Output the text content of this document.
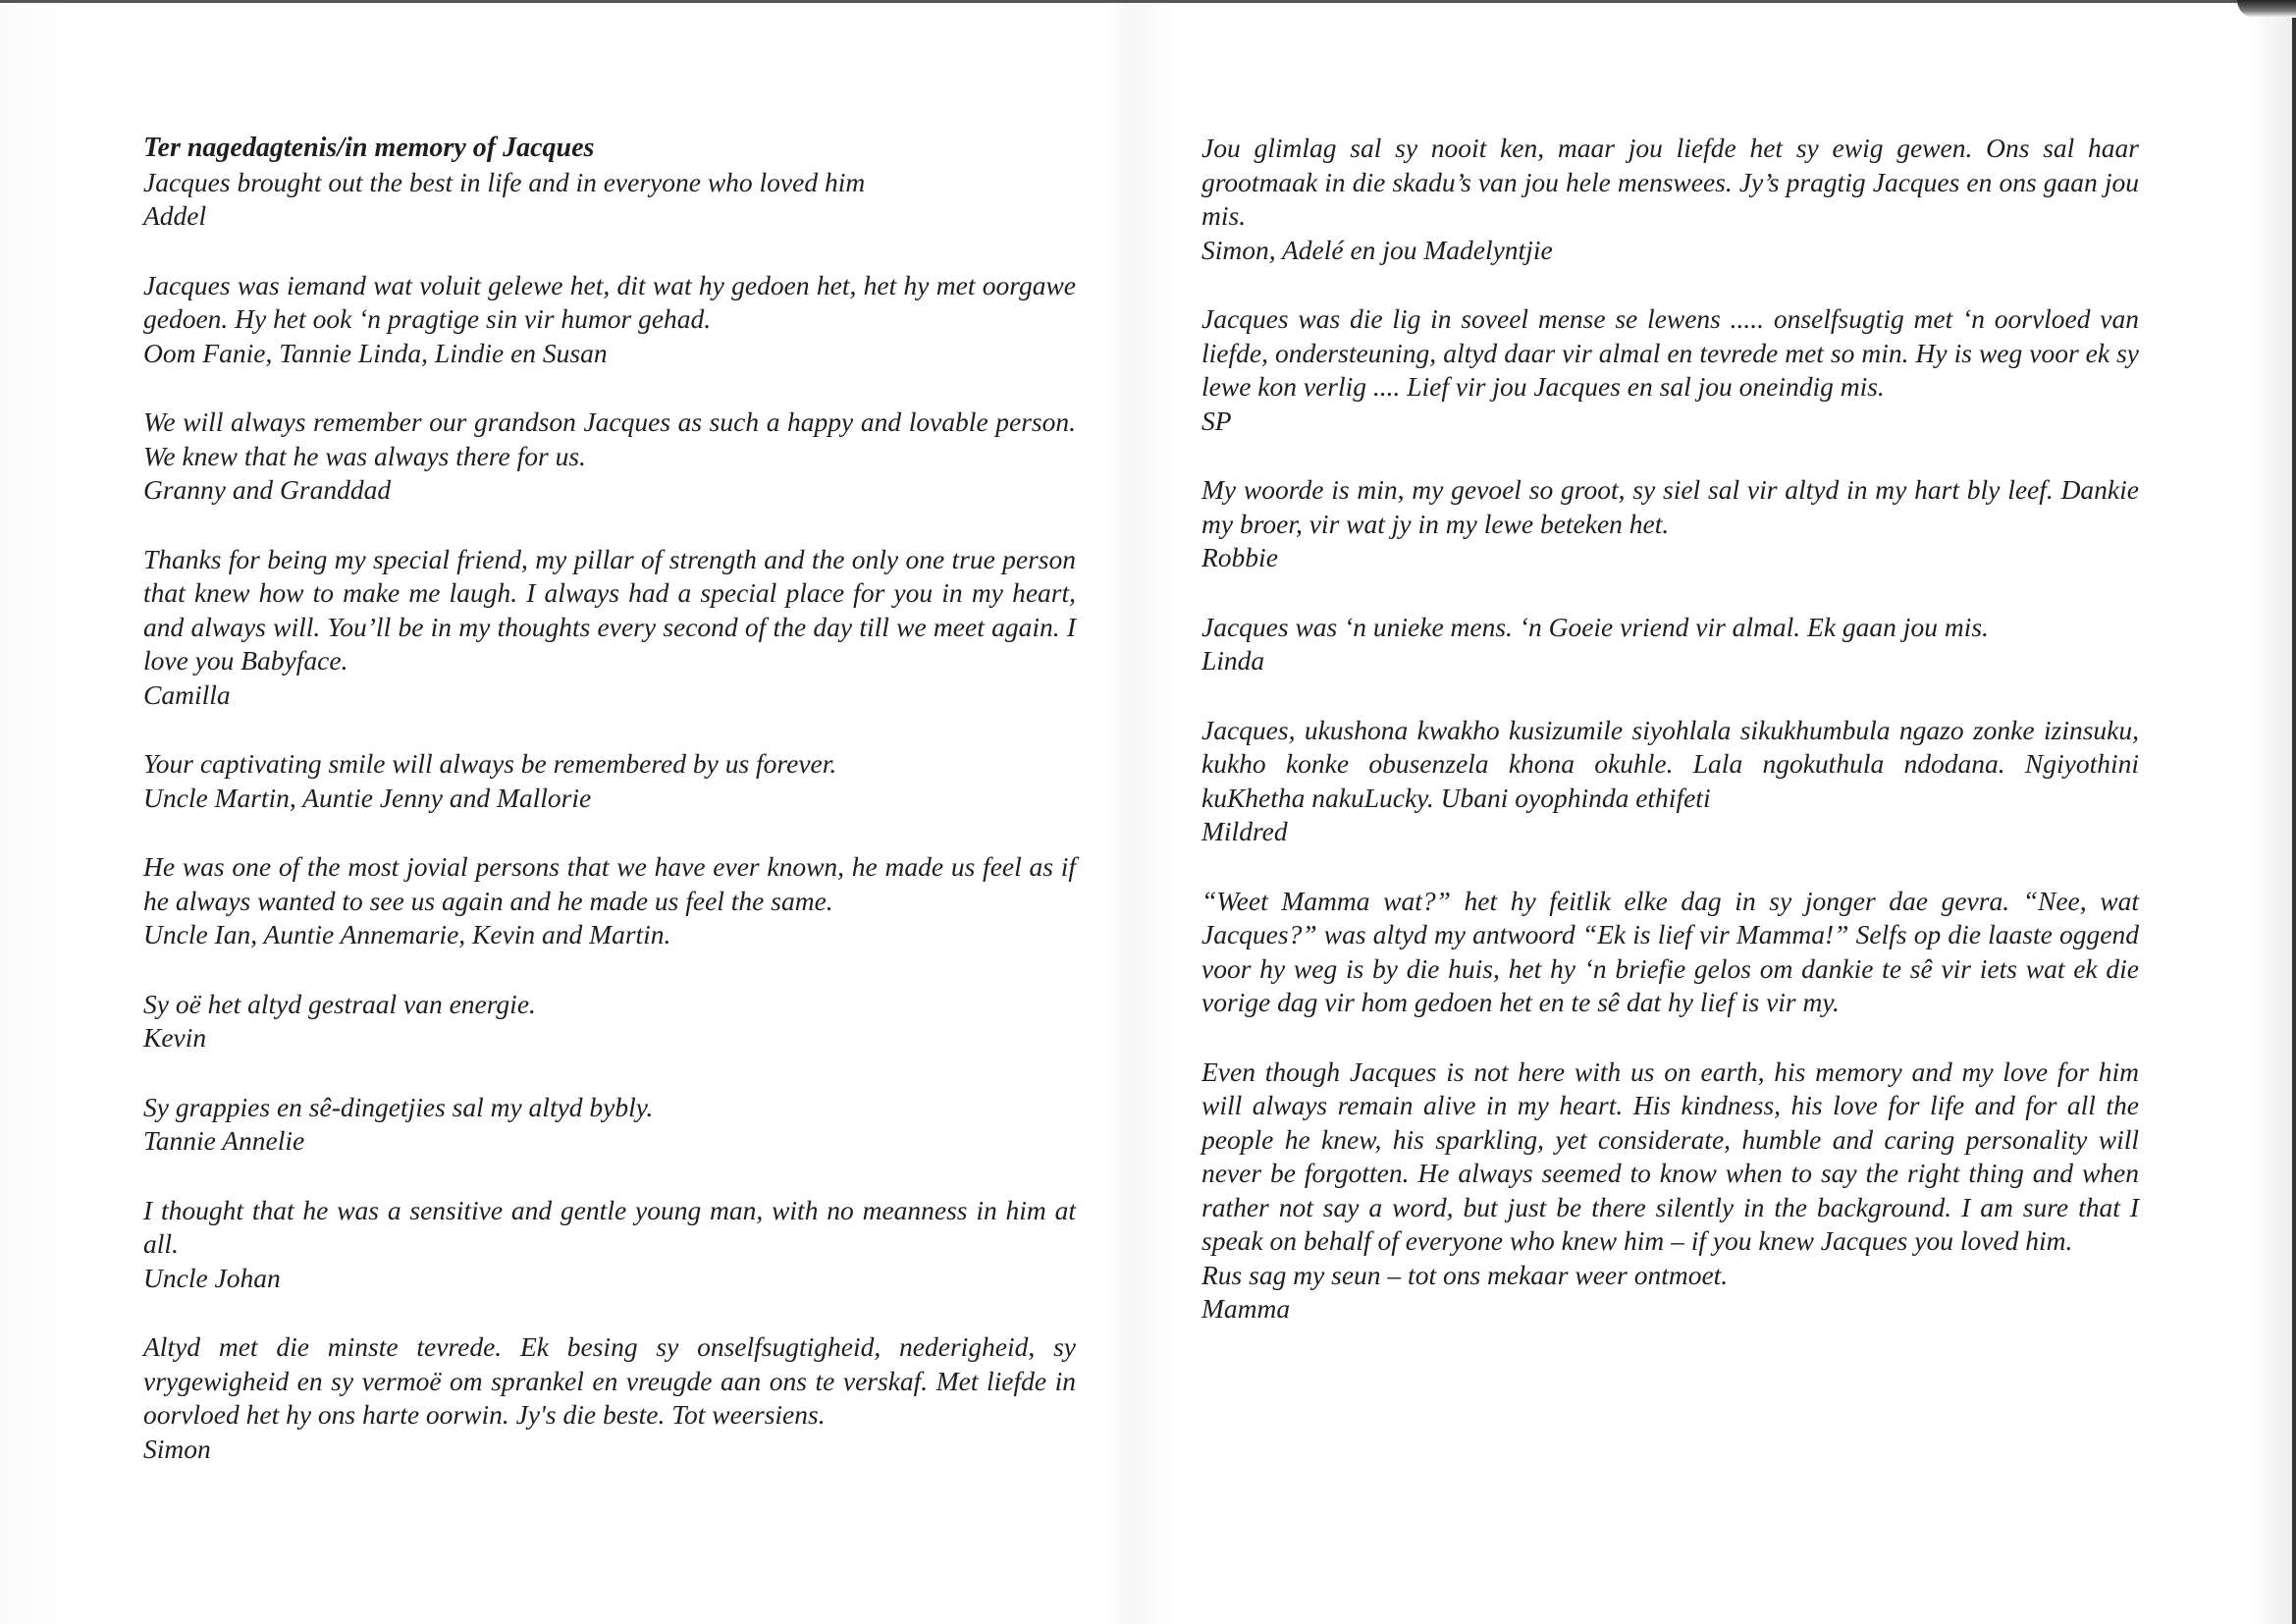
Ter nagedagtenis/in memory of Jacques
Jacques brought out the best in life and in everyone who loved him
Addel
Jacques was iemand wat voluit gelewe het, dit wat hy gedoen het, het hy met oorgawe gedoen. Hy het ook ‘n pragtige sin vir humor gehad.
Oom Fanie, Tannie Linda, Lindie en Susan
We will always remember our grandson Jacques as such a happy and lovable person. We knew that he was always there for us.
Granny and Granddad
Thanks for being my special friend, my pillar of strength and the only one true person that knew how to make me laugh. I always had a special place for you in my heart, and always will. You’ll be in my thoughts every second of the day till we meet again. I love you Babyface.
Camilla
Your captivating smile will always be remembered by us forever.
Uncle Martin, Auntie Jenny and Mallorie
He was one of the most jovial persons that we have ever known, he made us feel as if he always wanted to see us again and he made us feel the same.
Uncle Ian, Auntie Annemarie, Kevin and Martin.
Sy oë het altyd gestraal van energie.
Kevin
Sy grappies en sê-dingetjies sal my altyd bybly.
Tannie Annelie
I thought that he was a sensitive and gentle young man, with no meanness in him at all.
Uncle Johan
Altyd met die minste tevrede. Ek besing sy onselfsugtigheid, nederigheid, sy vrygewigheid en sy vermoë om sprankel en vreugde aan ons te verskaf. Met liefde in oorvloed het hy ons harte oorwin. Jy's die beste. Tot weersiens.
Simon
Jou glimlag sal sy nooit ken, maar jou liefde het sy ewig gewen. Ons sal haar grootmaak in die skadu’s van jou hele menswees. Jy’s pragtig Jacques en ons gaan jou mis.
Simon, Adelé en jou Madelyntjie
Jacques was die lig in soveel mense se lewens ..... onselfsugtig met ‘n oorvloed van liefde, ondersteuning, altyd daar vir almal en tevrede met so min. Hy is weg voor ek sy lewe kon verlig .... Lief vir jou Jacques en sal jou oneindig mis.
SP
My woorde is min, my gevoel so groot, sy siel sal vir altyd in my hart bly leef. Dankie my broer, vir wat jy in my lewe beteken het.
Robbie
Jacques was ‘n unieke mens. ‘n Goeie vriend vir almal. Ek gaan jou mis.
Linda
Jacques, ukushona kwakho kusizumile siyohlala sikukhumbula ngazo zonke izinsuku, kukho konke obusenzela khona okuhle. Lala ngokuthula ndodana. Ngiyothini kuKhetha nakuLucky. Ubani oyophinda ethifeti
Mildred
“Weet Mamma wat?” het hy feitlik elke dag in sy jonger dae gevra. “Nee, wat Jacques?” was altyd my antwoord “Ek is lief vir Mamma!” Selfs op die laaste oggend voor hy weg is by die huis, het hy ‘n briefie gelos om dankie te sê vir iets wat ek die vorige dag vir hom gedoen het en te sê dat hy lief is vir my.
Even though Jacques is not here with us on earth, his memory and my love for him will always remain alive in my heart. His kindness, his love for life and for all the people he knew, his sparkling, yet considerate, humble and caring personality will never be forgotten. He always seemed to know when to say the right thing and when rather not say a word, but just be there silently in the background. I am sure that I speak on behalf of everyone who knew him – if you knew Jacques you loved him.
Rus sag my seun – tot ons mekaar weer ontmoet.
Mamma
